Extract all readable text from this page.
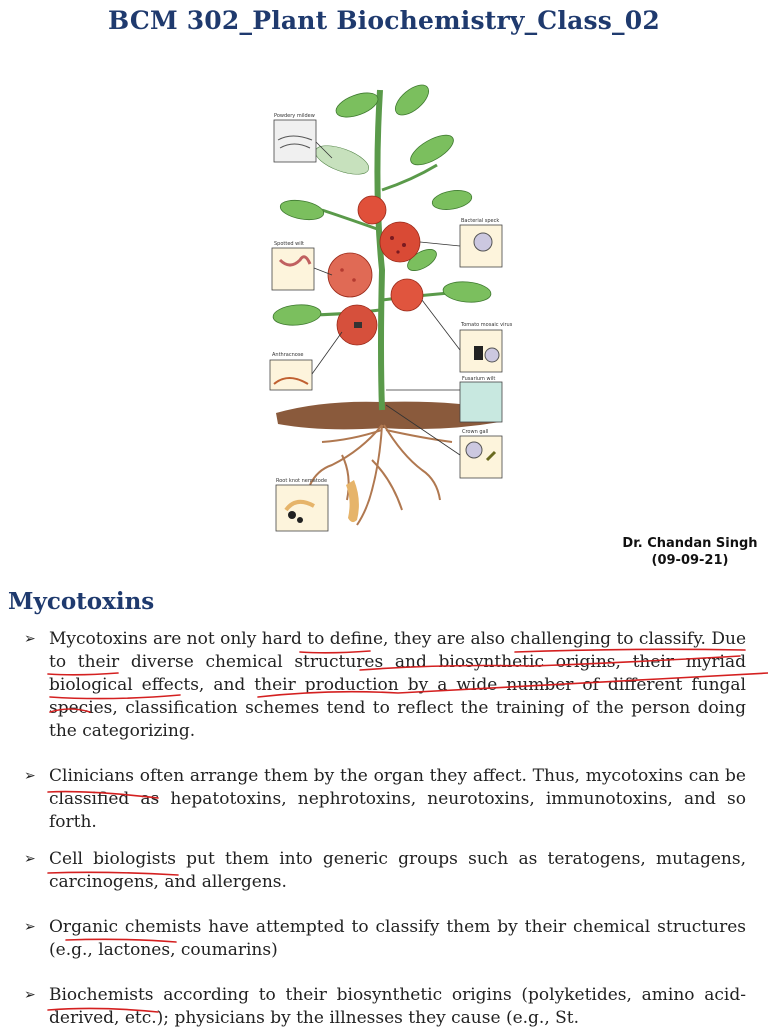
BCM 302_Plant Biochemistry_Class_02
Powdery mildew
Bacterial speck
Spotted wilt
Tomato mosaic virus
Anthracnose
Fusarium wilt
Crown gall
Root knot nematode
Dr. Chandan Singh
(09-09-21)
Mycotoxins
➢ Mycotoxins are not only hard to define, they are also challenging to classify. Due to their diverse chemical structures and biosynthetic origins, their myriad biological effects, and their production by a wide number of different fungal species, classification schemes tend to reflect the training of the person doing the categorizing.
➢ Clinicians often arrange them by the organ they affect. Thus, mycotoxins can be classified as hepatotoxins, nephrotoxins, neurotoxins, immunotoxins, and so forth.
➢ Cell biologists put them into generic groups such as teratogens, mutagens, carcinogens, and allergens.
➢ Organic chemists have attempted to classify them by their chemical structures (e.g., lactones, coumarins)
➢ Biochemists according to their biosynthetic origins (polyketides, amino acid-derived, etc.); physicians by the illnesses they cause (e.g., St.
